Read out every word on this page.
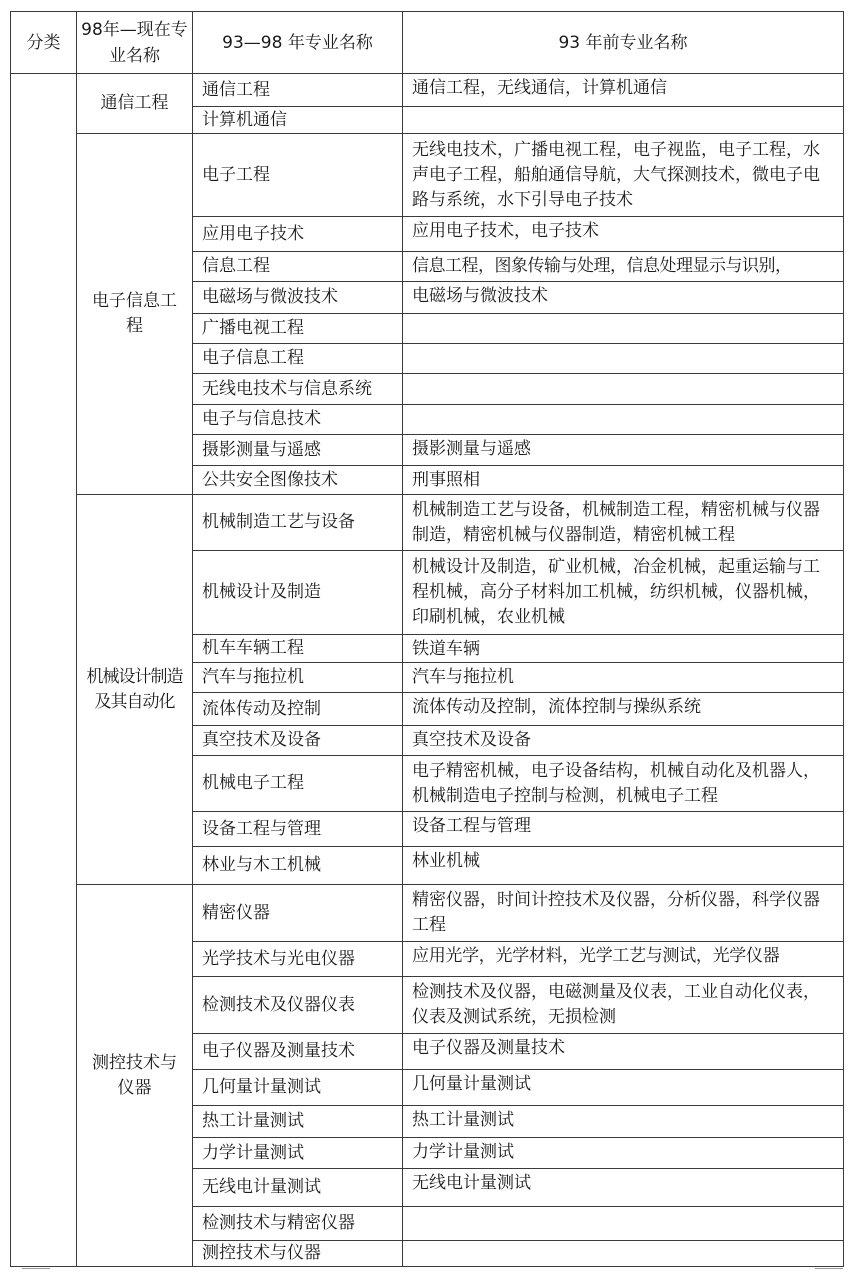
分类	98年—现在专业名称	93—98 年专业名称	93 年前专业名称
	通信工程	通信工程	通信工程，无线通信，计算机通信
		计算机通信	
	电子信息工程	电子工程	无线电技术，广播电视工程，电子视监，电子工程，水声电子工程，船舶通信导航，大气探测技术，微电子电路与系统，水下引导电子技术
		应用电子技术	应用电子技术，电子技术
		信息工程	信息工程，图象传输与处理，信息处理显示与识别，
		电磁场与微波技术	电磁场与微波技术
		广播电视工程	
		电子信息工程	
		无线电技术与信息系统	
		电子与信息技术	
		摄影测量与遥感	摄影测量与遥感
		公共安全图像技术	刑事照相
	机械设计制造及其自动化	机械制造工艺与设备	机械制造工艺与设备，机械制造工程，精密机械与仪器制造，精密机械与仪器制造，精密机械工程
		机械设计及制造	机械设计及制造，矿业机械，冶金机械，起重运输与工程机械，高分子材料加工机械，纺织机械，仪器机械，印刷机械，农业机械
		机车车辆工程	铁道车辆
		汽车与拖拉机	汽车与拖拉机
		流体传动及控制	流体传动及控制，流体控制与操纵系统
		真空技术及设备	真空技术及设备
		机械电子工程	电子精密机械，电子设备结构，机械自动化及机器人，机械制造电子控制与检测，机械电子工程
		设备工程与管理	设备工程与管理
		林业与木工机械	林业机械
	测控技术与仪器	精密仪器	精密仪器，时间计控技术及仪器，分析仪器，科学仪器工程
		光学技术与光电仪器	应用光学，光学材料，光学工艺与测试，光学仪器
		检测技术及仪器仪表	检测技术及仪器，电磁测量及仪表，工业自动化仪表，仪表及测试系统，无损检测
		电子仪器及测量技术	电子仪器及测量技术
		几何量计量测试	几何量计量测试
		热工计量测试	热工计量测试
		力学计量测试	力学计量测试
		无线电计量测试	无线电计量测试
		检测技术与精密仪器	
		测控技术与仪器	
